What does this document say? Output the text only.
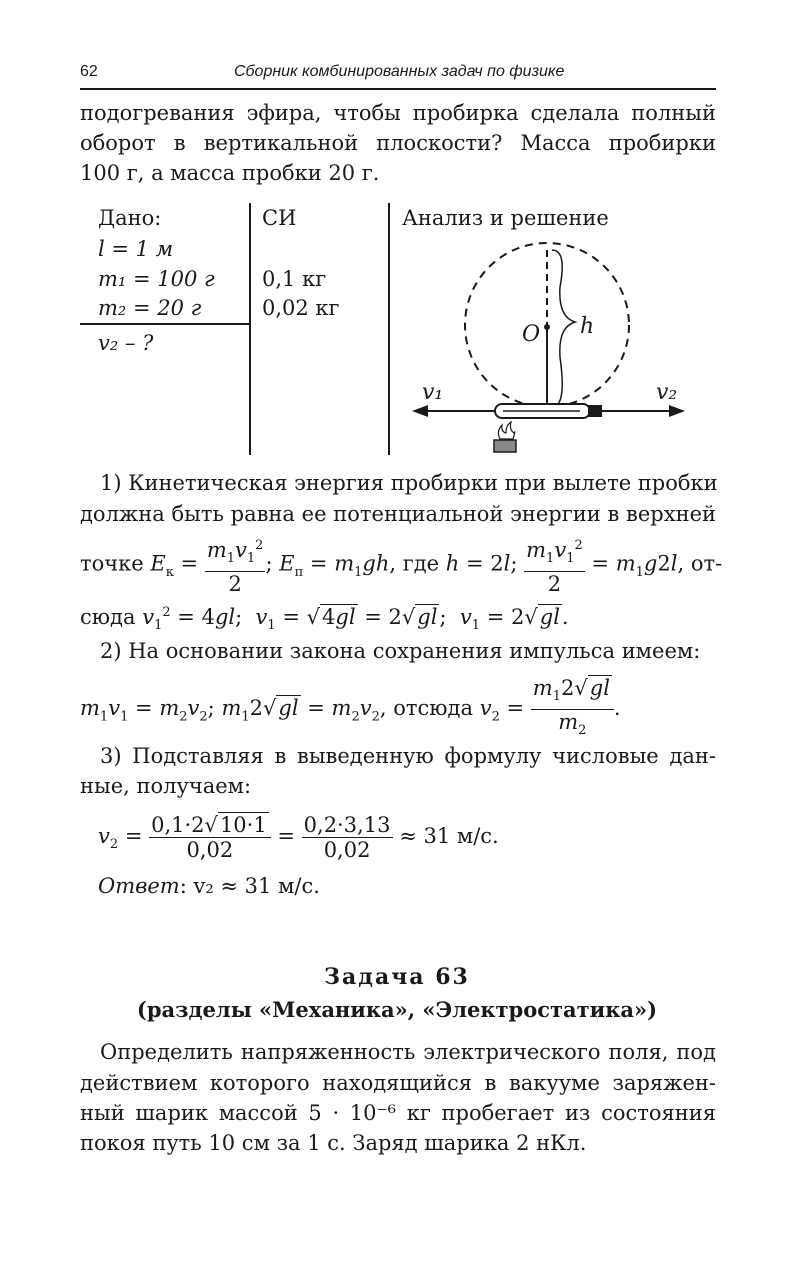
62	Сборник комбинированных задач по физике
подогревания эфира, чтобы пробирка сделала полный
оборот в вертикальной плоскости? Масса пробирки
100 г, а масса пробки 20 г.
Дано:
l = 1 м
m₁ = 100 г
m₂ = 20 г
v₂ – ?
СИ
0,1 кг
0,02 кг
Анализ и решение
O h
v₁	v₂
1) Кинетическая энергия пробирки при вылете пробки
должна быть равна ее потенциальной энергии в верхней
точке $E_к = \frac{m_1v_1^2}{2}$ ; $E_п = m_1gh$, где h = 2l; $\frac{m_1v_1^2}{2} = m_1g2l$, от-
сюда $v_1^2 = 4gl$;  $v_1 = √4gl = 2√gl$;  $v_1 = 2√gl$.
2) На основании закона сохранения импульса имеем:
$m_1v_1 = m_2v_2$; $m_12√gl = m_2v_2$, отсюда $v_2 = \frac{m_12√gl}{m_2}$ .
3) Подставляя в выведенную формулу числовые дан-
ные, получаем:
$v_2 = \frac{0,1\cdot 2√10\cdot 1}{0,02} = \frac{0,2\cdot 3,13}{0,02} \approx 31$ м/с.
Ответ: v₂ ≈ 31 м/с.
Задача 63
(разделы «Механика», «Электростатика»)
Определить напряженность электрического поля, под
действием которого находящийся в вакууме заряжен-
ный шарик массой 5 · 10⁻⁶ кг пробегает из состояния
покоя путь 10 см за 1 с. Заряд шарика 2 нКл.
